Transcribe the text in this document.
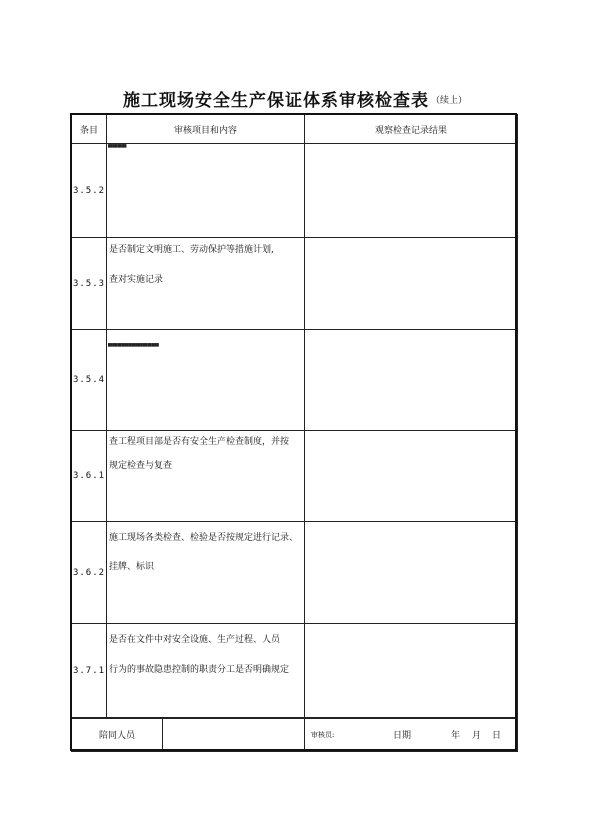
施工现场安全生产保证体系审核检查表 $^{(续上)}$
条目	审核项目和内容	观察检查记录结果
3.5.2	████████	

3.5.3	是否制定文明施工、劳动保护等措施计划,
查对实施记录	

3.5.4	██████████████████████	

3.6.1	查工程项目部是否有安全生产检查制度，并按
规定检查与复查	

3.6.2	施工现场各类检查、检验是否按规定进行记录、
挂牌、标识	

3.7.1	是否在文件中对安全设施、生产过程、人员
行为的事故隐患控制的职责分工是否明确规定	

陪同人员		审核员:	日期	年	月	日
